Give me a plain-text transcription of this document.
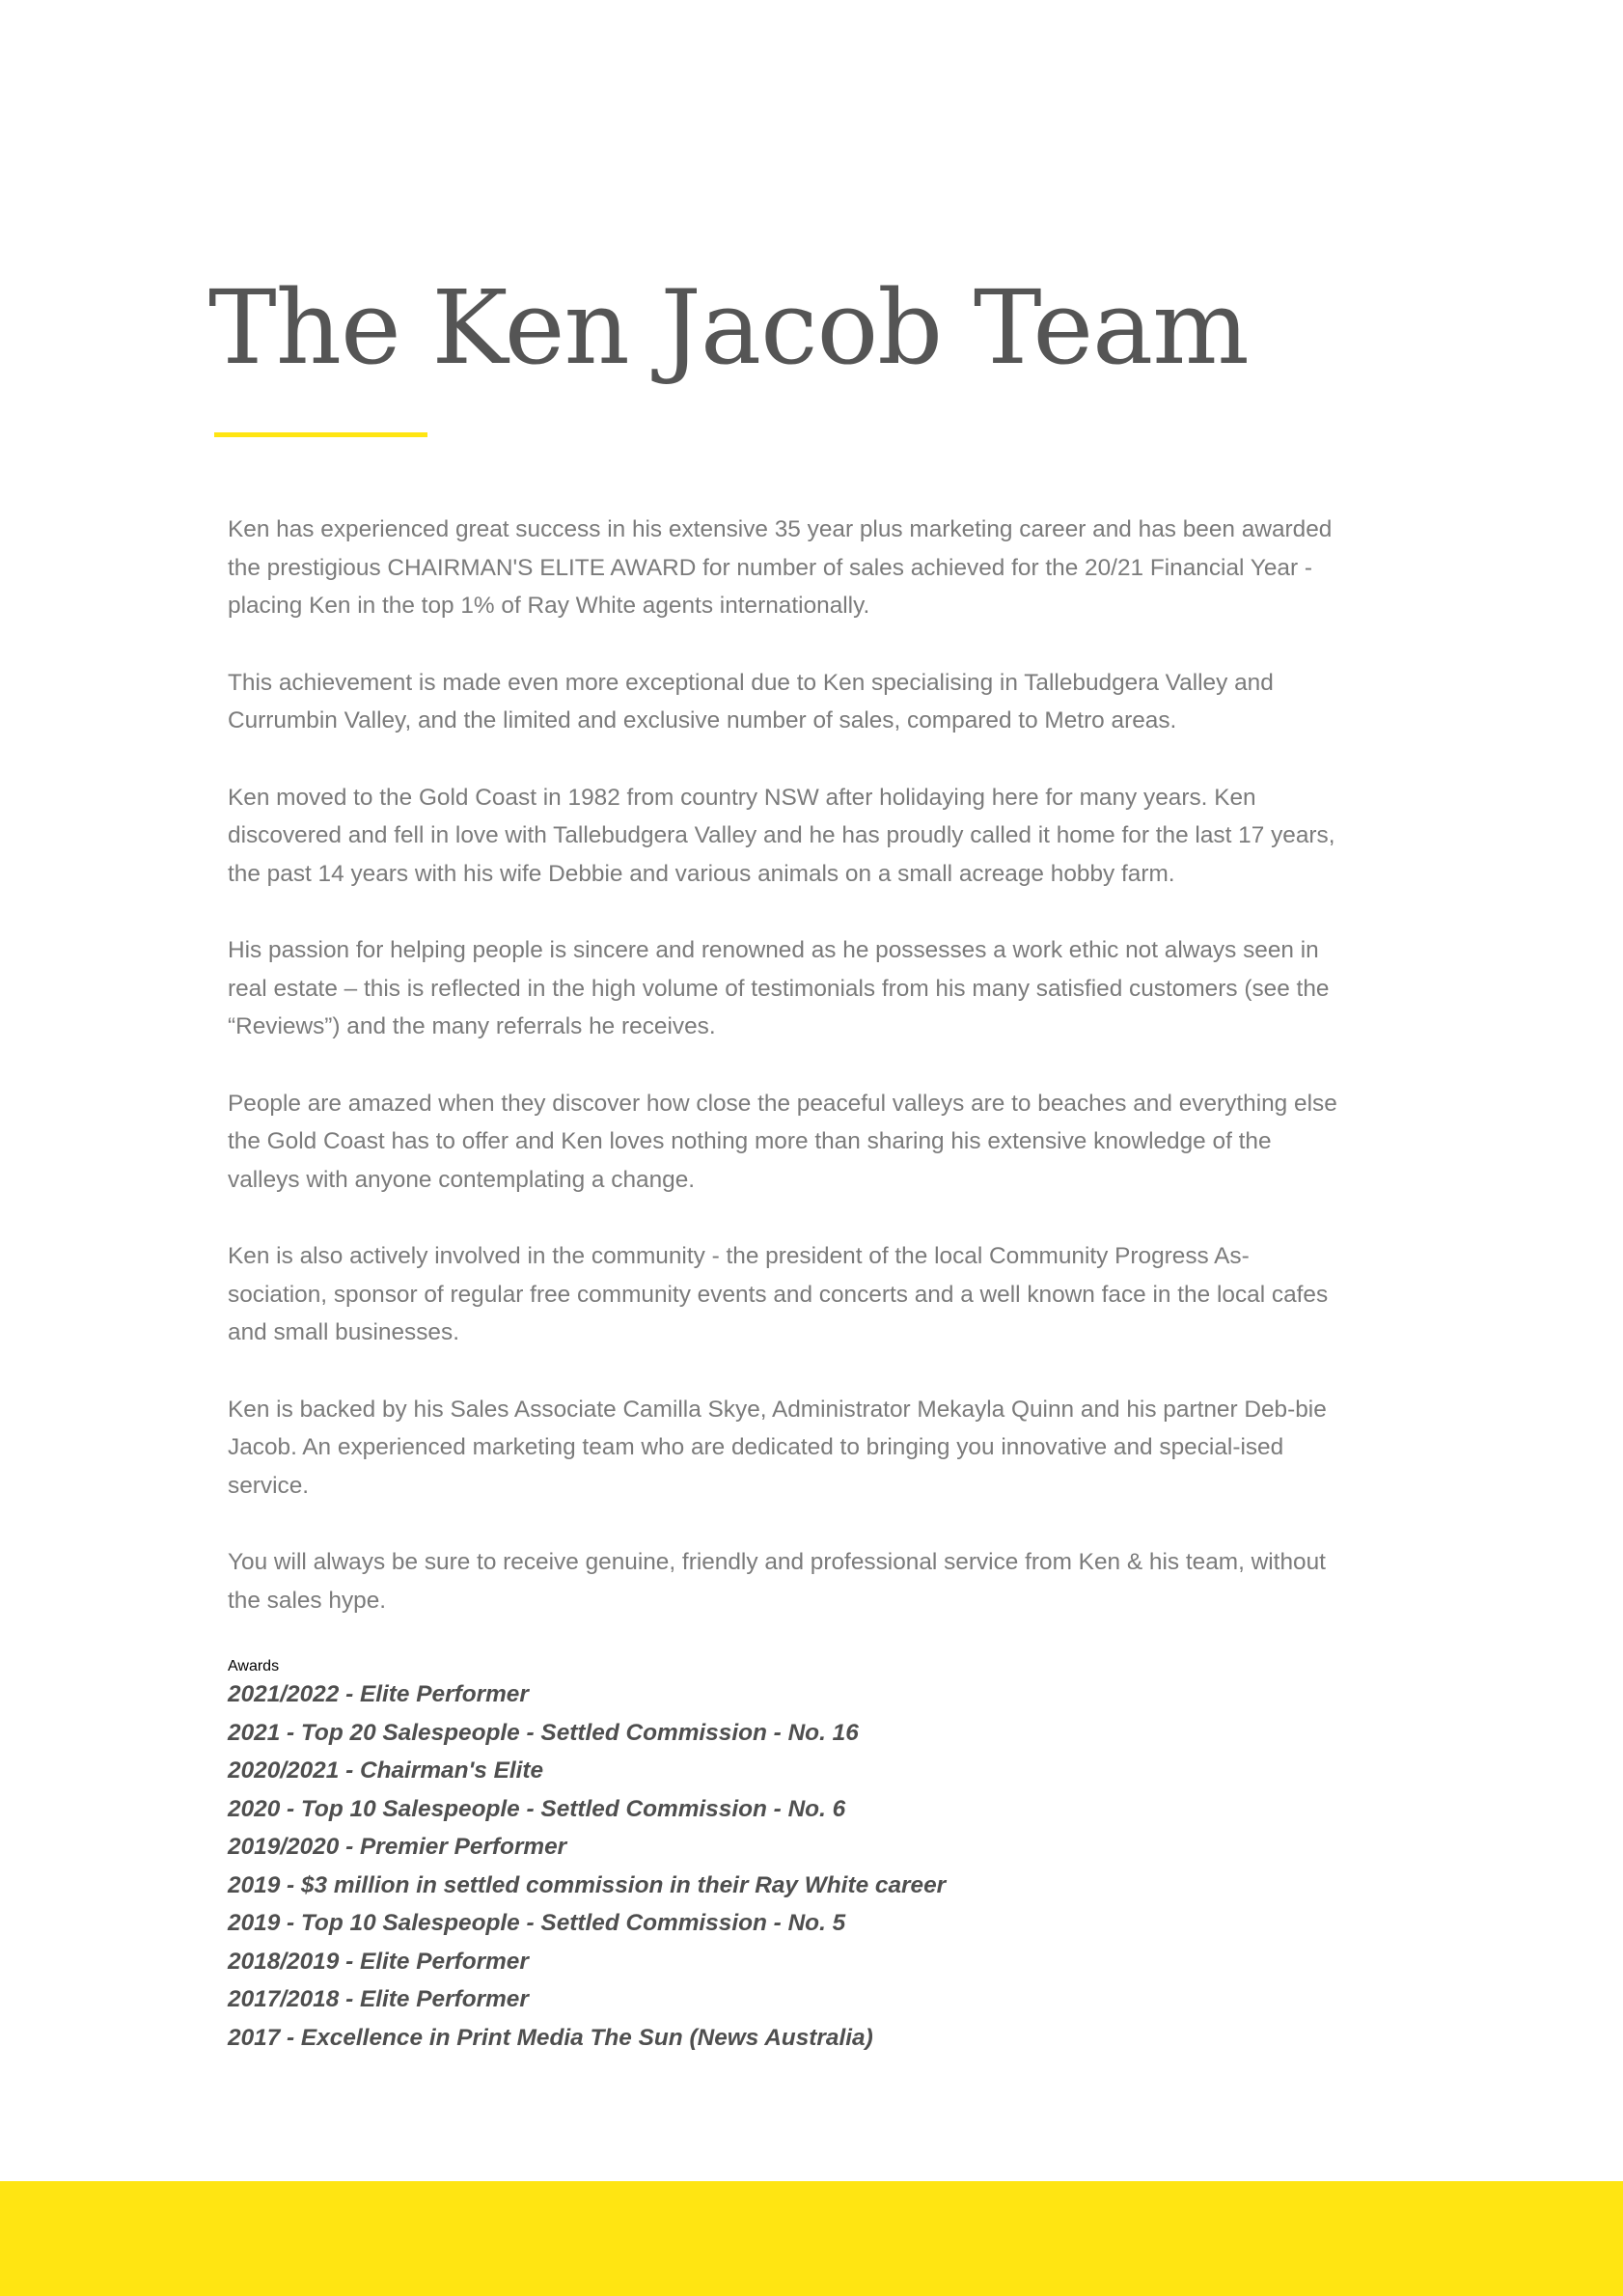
The Ken Jacob Team

Ken has experienced great success in his extensive 35 year plus marketing career and has been awarded the prestigious CHAIRMAN'S ELITE AWARD for number of sales achieved for the 20/21 Financial Year - placing Ken in the top 1% of Ray White agents internationally.

This achievement is made even more exceptional due to Ken specialising in Tallebudgera Valley and Currumbin Valley, and the limited and exclusive number of sales, compared to Metro areas.

Ken moved to the Gold Coast in 1982 from country NSW after holidaying here for many years. Ken discovered and fell in love with Tallebudgera Valley and he has proudly called it home for the last 17 years, the past 14 years with his wife Debbie and various animals on a small acreage hobby farm.

His passion for helping people is sincere and renowned as he possesses a work ethic not always seen in real estate – this is reflected in the high volume of testimonials from his many satisfied customers (see the “Reviews”) and the many referrals he receives.

People are amazed when they discover how close the peaceful valleys are to beaches and everything else the Gold Coast has to offer and Ken loves nothing more than sharing his extensive knowledge of the valleys with anyone contemplating a change.

Ken is also actively involved in the community - the president of the local Community Progress As-sociation, sponsor of regular free community events and concerts and a well known face in the local cafes and small businesses.

Ken is backed by his Sales Associate Camilla Skye, Administrator Mekayla Quinn and his partner Deb-bie Jacob. An experienced marketing team who are dedicated to bringing you innovative and special-ised service.

You will always be sure to receive genuine, friendly and professional service from Ken & his team, without the sales hype.

Awards
2021/2022 - Elite Performer
2021 - Top 20 Salespeople - Settled Commission - No. 16
2020/2021 - Chairman's Elite
2020 - Top 10 Salespeople - Settled Commission - No. 6
2019/2020 - Premier Performer
2019 - $3 million in settled commission in their Ray White career
2019 - Top 10 Salespeople - Settled Commission - No. 5
2018/2019 - Elite Performer
2017/2018 - Elite Performer
2017 - Excellence in Print Media The Sun (News Australia)
